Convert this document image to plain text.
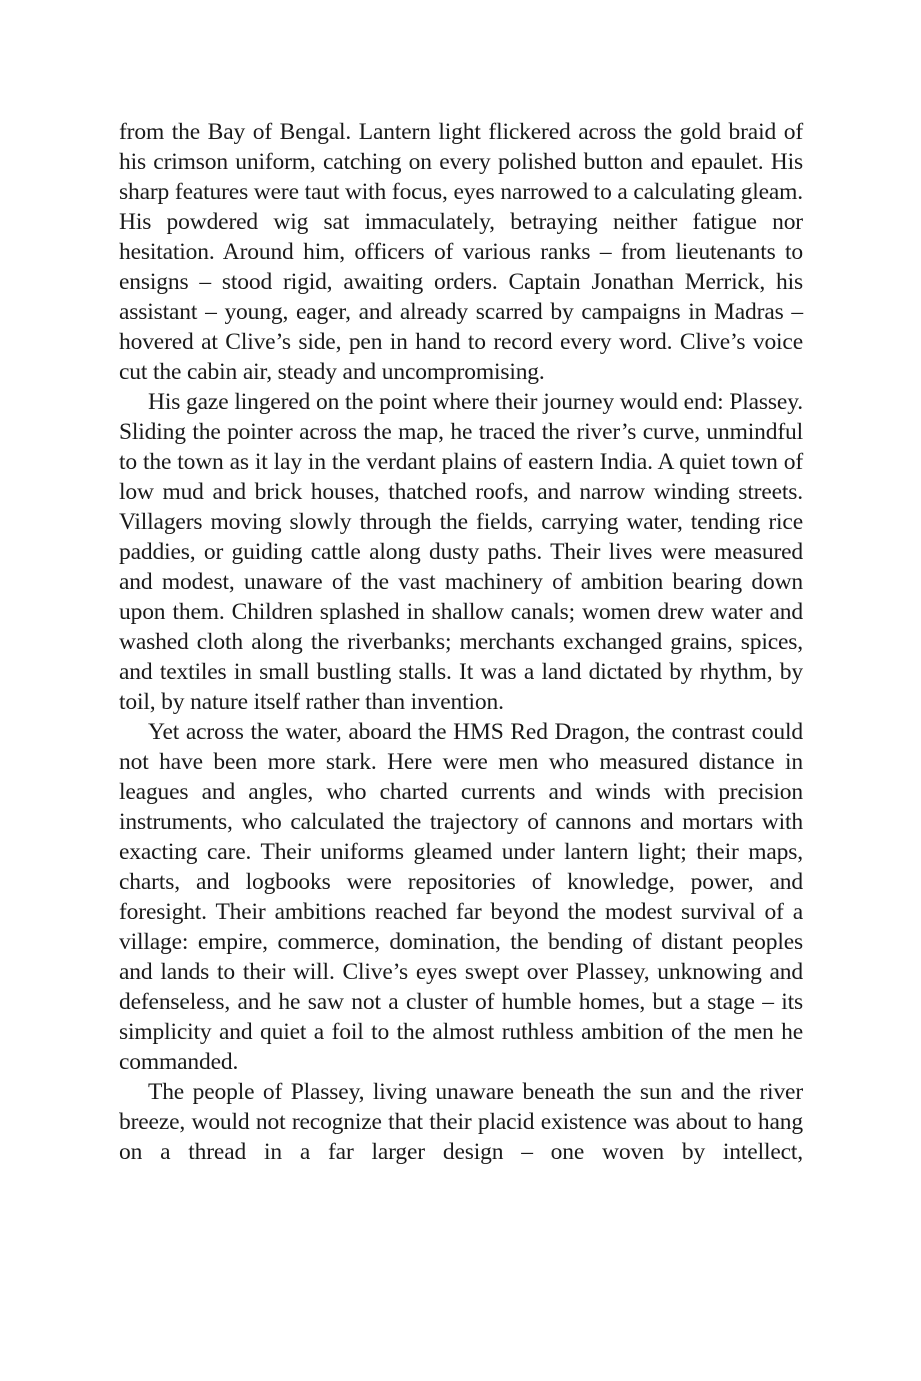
from the Bay of Bengal. Lantern light flickered across the gold braid of his crimson uniform, catching on every polished button and epaulet. His sharp features were taut with focus, eyes narrowed to a calculating gleam. His powdered wig sat immaculately, betraying neither fatigue nor hesitation. Around him, officers of various ranks – from lieutenants to ensigns – stood rigid, awaiting orders. Captain Jonathan Merrick, his assistant – young, eager, and already scarred by campaigns in Madras – hovered at Clive’s side, pen in hand to record every word. Clive’s voice cut the cabin air, steady and uncompromising.

His gaze lingered on the point where their journey would end: Plassey. Sliding the pointer across the map, he traced the river’s curve, unmindful to the town as it lay in the verdant plains of eastern India. A quiet town of low mud and brick houses, thatched roofs, and narrow winding streets. Villagers moving slowly through the fields, carrying water, tending rice paddies, or guiding cattle along dusty paths. Their lives were measured and modest, unaware of the vast machinery of ambition bearing down upon them. Children splashed in shallow canals; women drew water and washed cloth along the riverbanks; merchants exchanged grains, spices, and textiles in small bustling stalls. It was a land dictated by rhythm, by toil, by nature itself rather than invention.

Yet across the water, aboard the HMS Red Dragon, the contrast could not have been more stark. Here were men who measured distance in leagues and angles, who charted currents and winds with precision instruments, who calculated the trajectory of cannons and mortars with exacting care. Their uniforms gleamed under lantern light; their maps, charts, and logbooks were repositories of knowledge, power, and foresight. Their ambitions reached far beyond the modest survival of a village: empire, commerce, domination, the bending of distant peoples and lands to their will. Clive’s eyes swept over Plassey, unknowing and defenseless, and he saw not a cluster of humble homes, but a stage – its simplicity and quiet a foil to the almost ruthless ambition of the men he commanded.

The people of Plassey, living unaware beneath the sun and the river breeze, would not recognize that their placid existence was about to hang on a thread in a far larger design – one woven by intellect,
